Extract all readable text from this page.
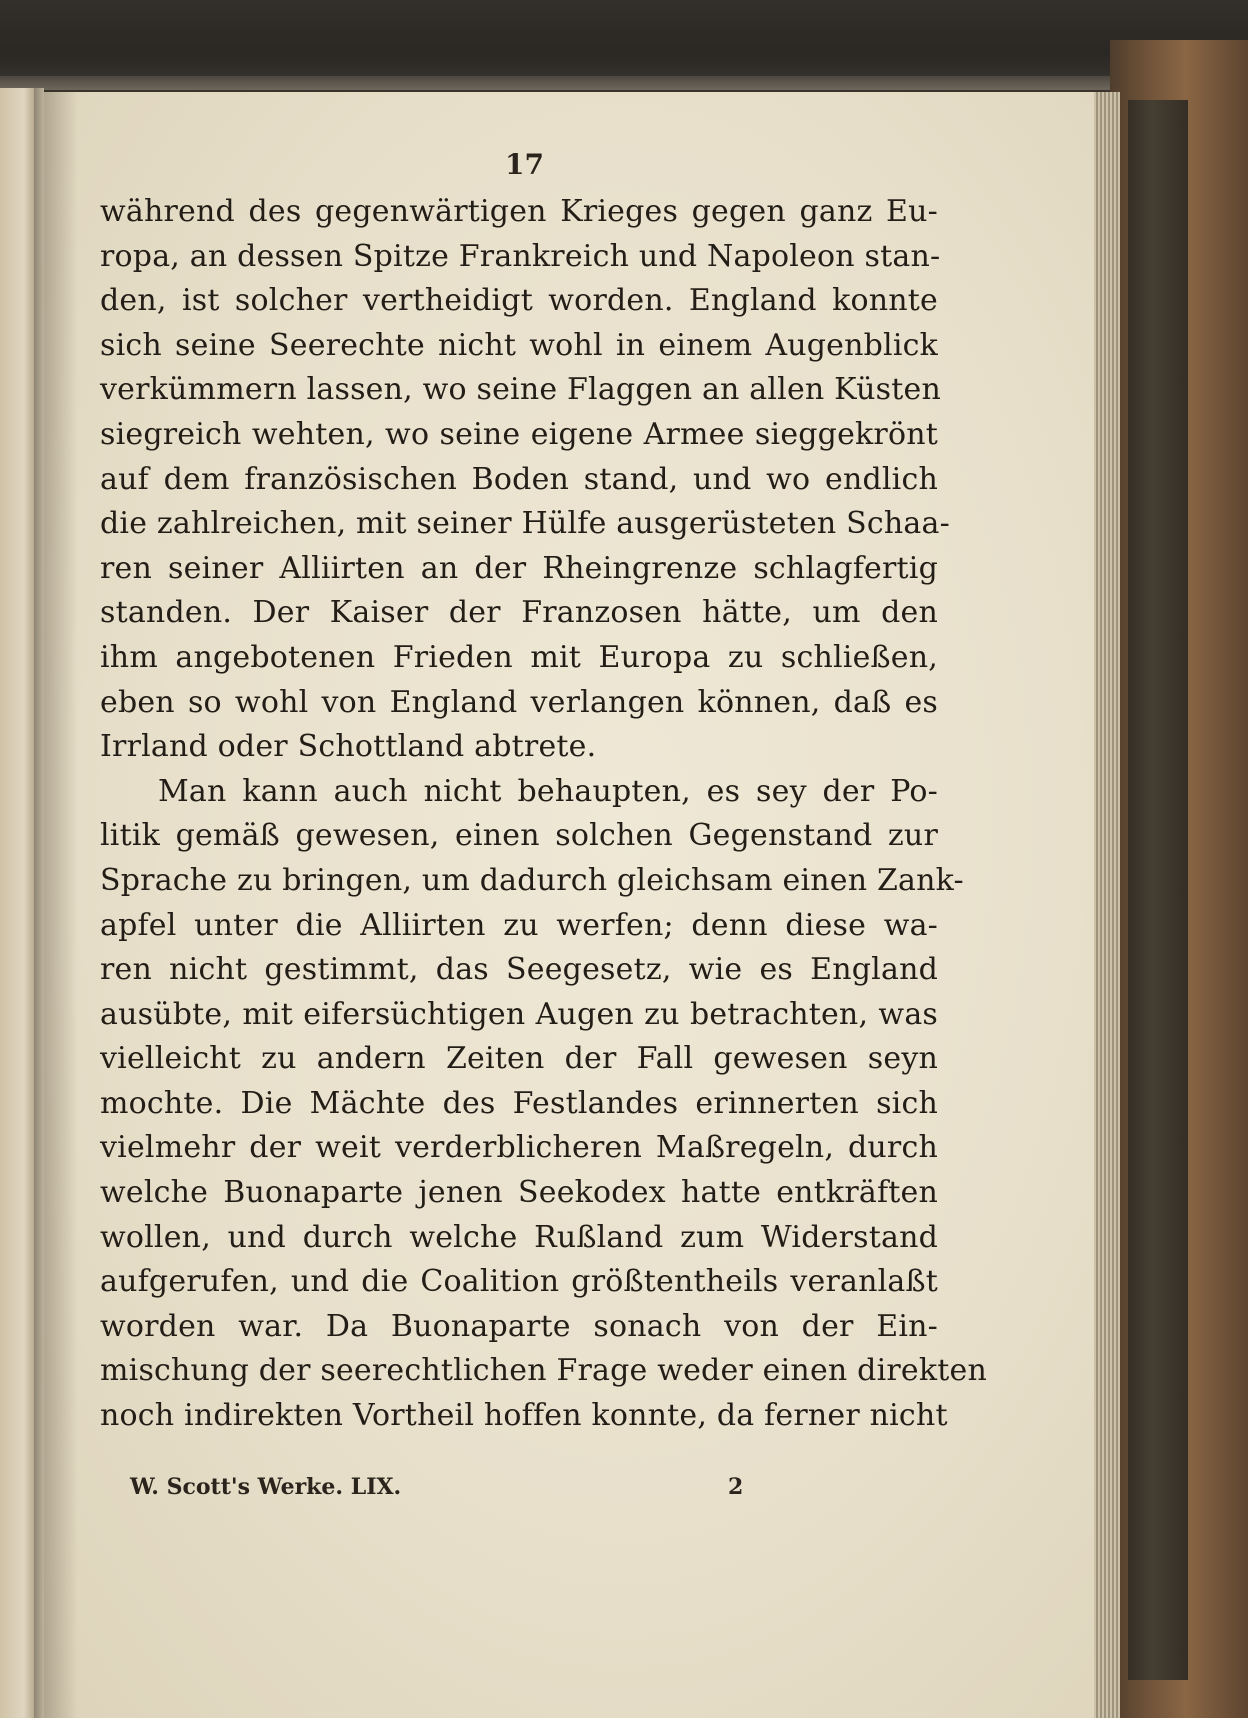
17
während des gegenwärtigen Krieges gegen ganz Eu-
ropa, an dessen Spitze Frankreich und Napoleon stan-
den, ist solcher vertheidigt worden. England konnte
sich seine Seerechte nicht wohl in einem Augenblick
verkümmern lassen, wo seine Flaggen an allen Küsten
siegreich wehten, wo seine eigene Armee sieggekrönt
auf dem französischen Boden stand, und wo endlich
die zahlreichen, mit seiner Hülfe ausgerüsteten Schaa-
ren seiner Alliirten an der Rheingrenze schlagfertig
standen. Der Kaiser der Franzosen hätte, um den
ihm angebotenen Frieden mit Europa zu schließen,
eben so wohl von England verlangen können, daß es
Irrland oder Schottland abtrete.
Man kann auch nicht behaupten, es sey der Po-
litik gemäß gewesen, einen solchen Gegenstand zur
Sprache zu bringen, um dadurch gleichsam einen Zank-
apfel unter die Alliirten zu werfen; denn diese wa-
ren nicht gestimmt, das Seegesetz, wie es England
ausübte, mit eifersüchtigen Augen zu betrachten, was
vielleicht zu andern Zeiten der Fall gewesen seyn
mochte. Die Mächte des Festlandes erinnerten sich
vielmehr der weit verderblicheren Maßregeln, durch
welche Buonaparte jenen Seekodex hatte entkräften
wollen, und durch welche Rußland zum Widerstand
aufgerufen, und die Coalition größtentheils veranlaßt
worden war. Da Buonaparte sonach von der Ein-
mischung der seerechtlichen Frage weder einen direkten
noch indirekten Vortheil hoffen konnte, da ferner nicht
W. Scott's Werke. LIX.	2
